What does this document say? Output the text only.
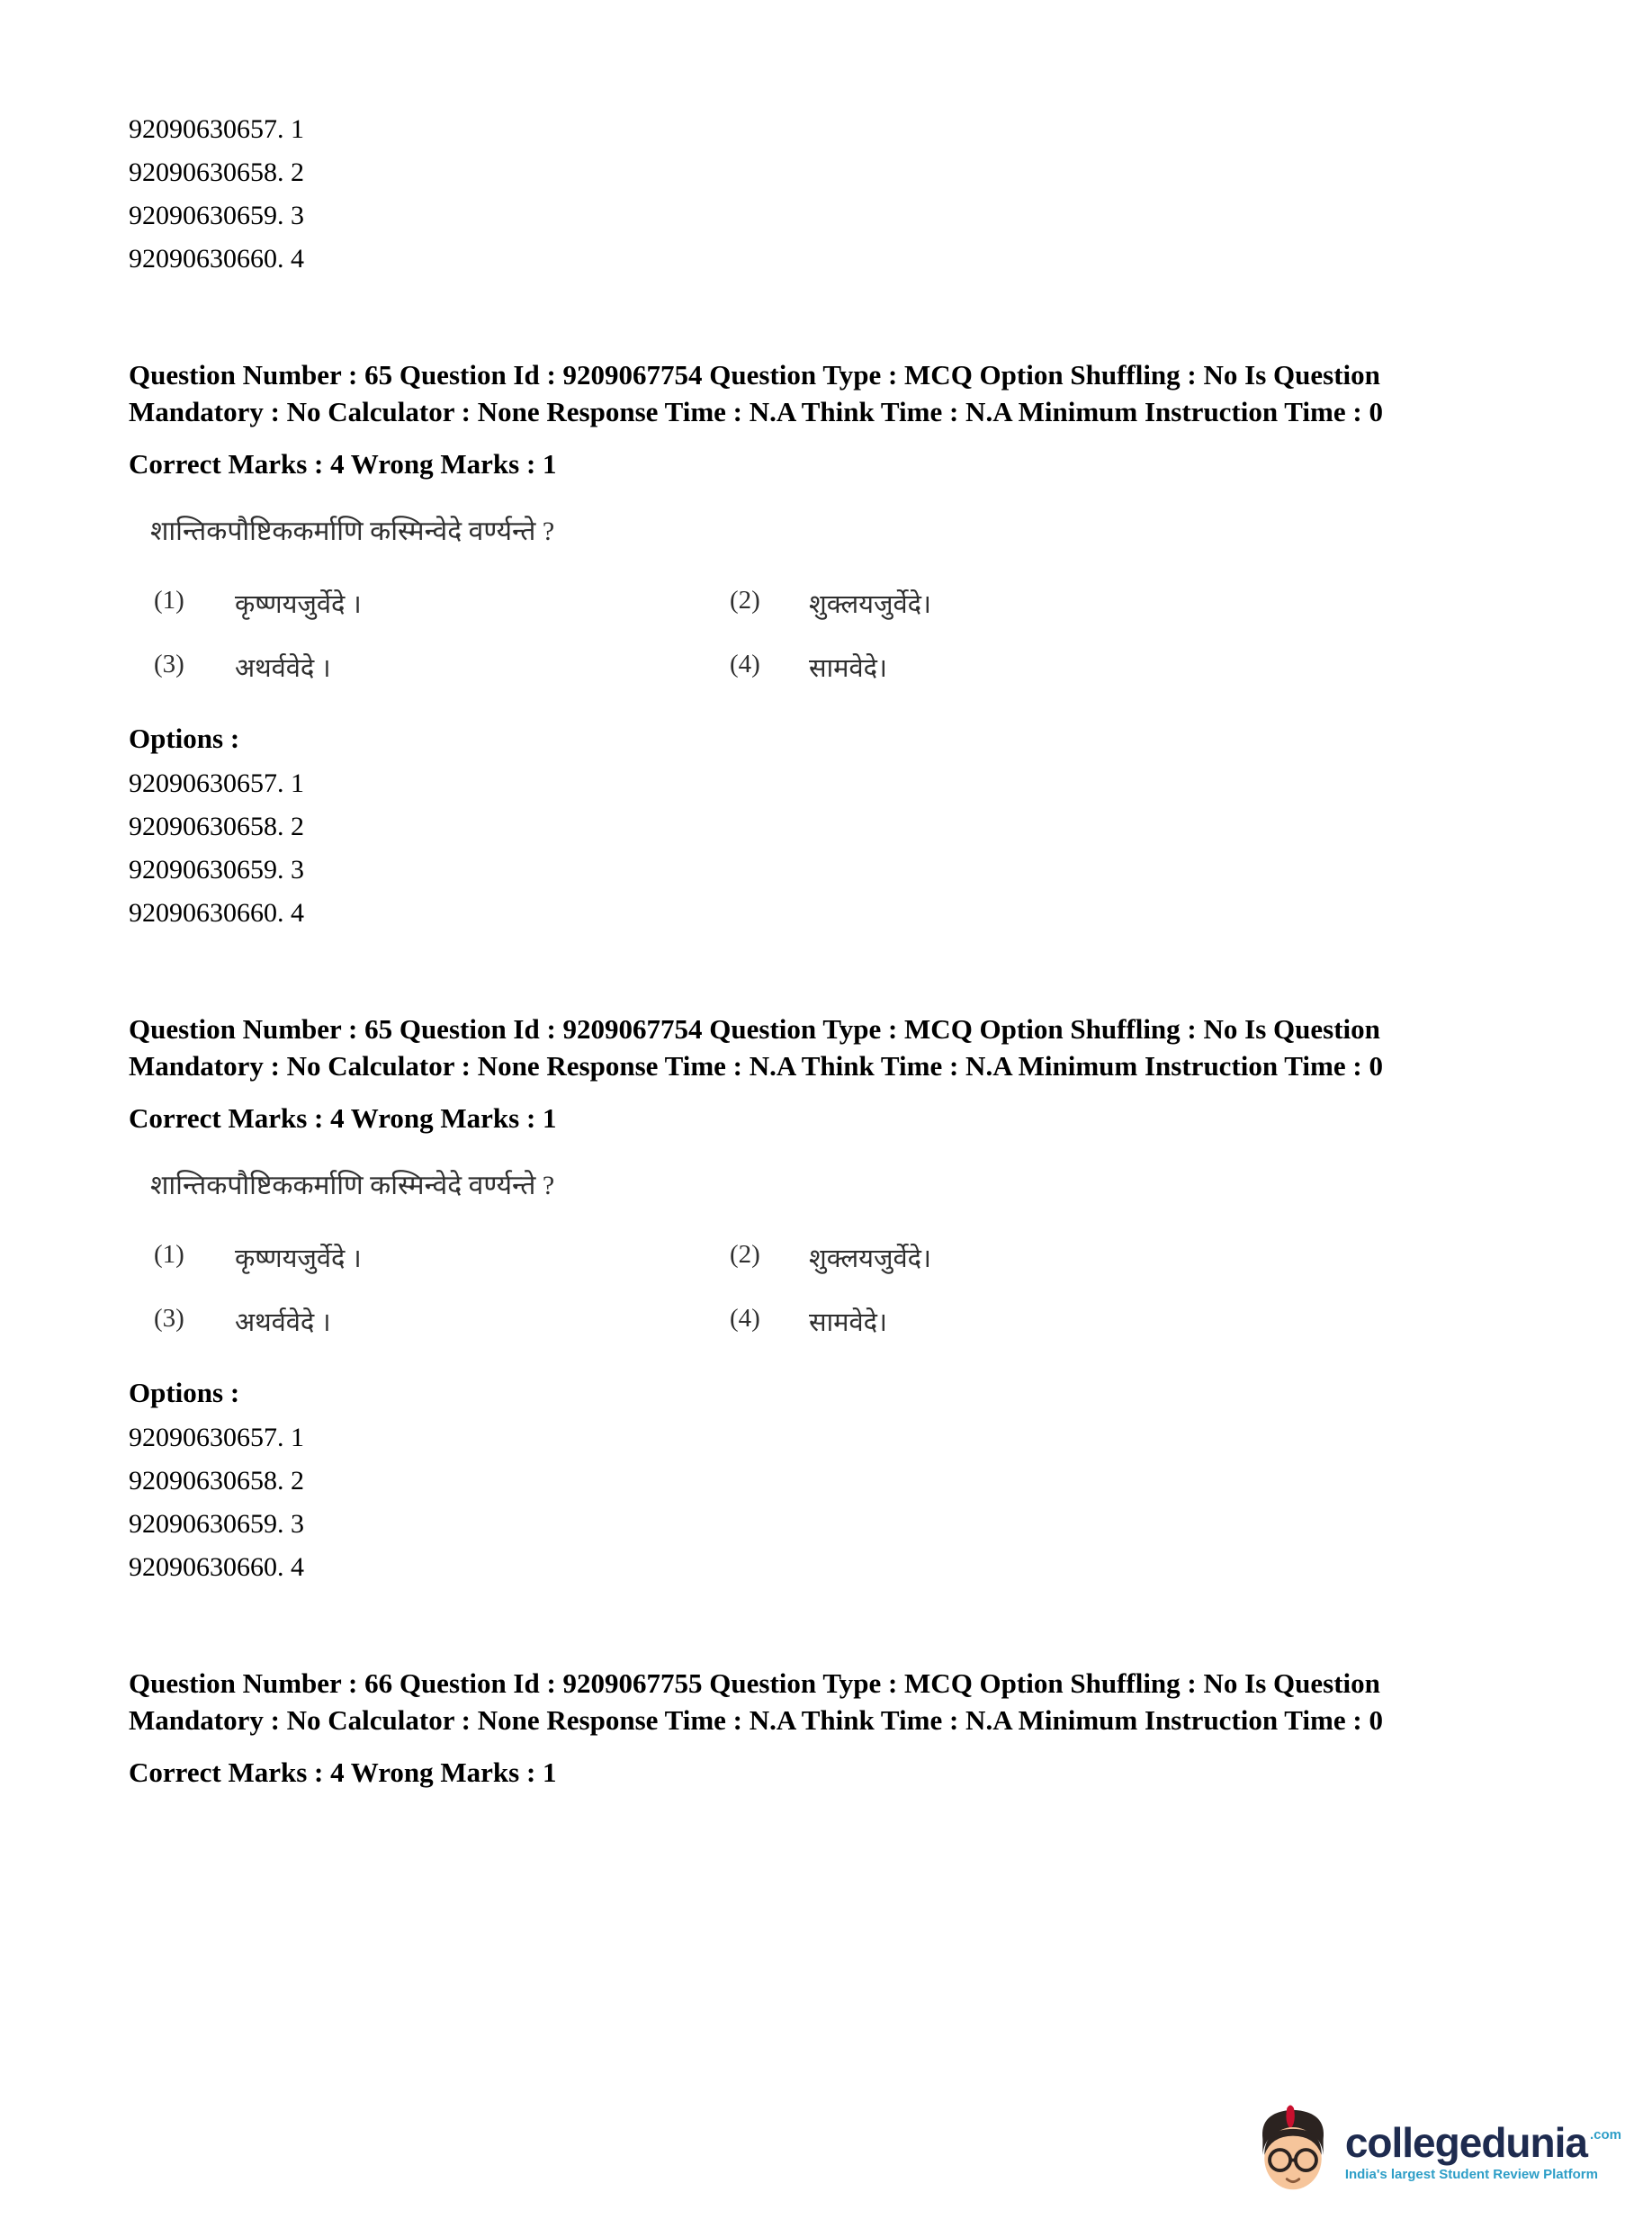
92090630657. 1
92090630658. 2
92090630659. 3
92090630660. 4
Question Number : 65 Question Id : 9209067754 Question Type : MCQ Option Shuffling : No Is Question Mandatory : No Calculator : None Response Time : N.A Think Time : N.A Minimum Instruction Time : 0
Correct Marks : 4 Wrong Marks : 1
शान्तिकपौष्टिककर्माणि कस्मिन्वेदे वर्ण्यन्ते ?
(1)	कृष्णयजुर्वेदे ।	(2)	शुक्लयजुर्वेदे।
(3)	अथर्ववेदे ।	(4)	सामवेदे।
Options :
92090630657. 1
92090630658. 2
92090630659. 3
92090630660. 4
Question Number : 65 Question Id : 9209067754 Question Type : MCQ Option Shuffling : No Is Question Mandatory : No Calculator : None Response Time : N.A Think Time : N.A Minimum Instruction Time : 0
Correct Marks : 4 Wrong Marks : 1
शान्तिकपौष्टिककर्माणि कस्मिन्वेदे वर्ण्यन्ते ?
(1)	कृष्णयजुर्वेदे ।	(2)	शुक्लयजुर्वेदे।
(3)	अथर्ववेदे ।	(4)	सामवेदे।
Options :
92090630657. 1
92090630658. 2
92090630659. 3
92090630660. 4
Question Number : 66 Question Id : 9209067755 Question Type : MCQ Option Shuffling : No Is Question Mandatory : No Calculator : None Response Time : N.A Think Time : N.A Minimum Instruction Time : 0
Correct Marks : 4 Wrong Marks : 1
collegedunia .com
India's largest Student Review Platform
